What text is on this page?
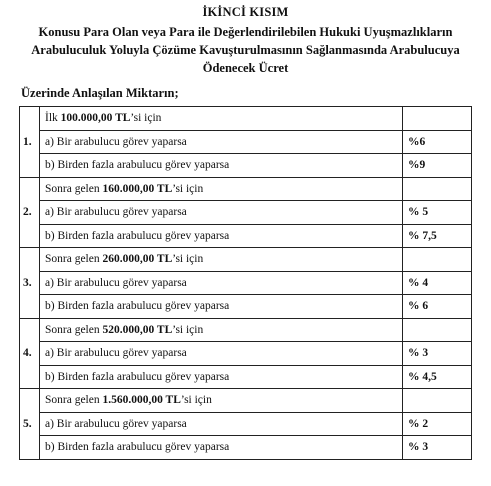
İKİNCİ KISIM
Konusu Para Olan veya Para ile Değerlendirilebilen Hukuki Uyuşmazlıkların
Arabuluculuk Yoluyla Çözüme Kavuşturulmasının Sağlanmasında Arabulucuya
Ödenecek Ücret
Üzerinde Anlaşılan Miktarın;
1.	İlk 100.000,00 TL’si için	
	a) Bir arabulucu görev yaparsa	%6
	b) Birden fazla arabulucu görev yaparsa	%9
2.	Sonra gelen 160.000,00 TL’si için	
	a) Bir arabulucu görev yaparsa	% 5
	b) Birden fazla arabulucu görev yaparsa	% 7,5
3.	Sonra gelen 260.000,00 TL’si için	
	a) Bir arabulucu görev yaparsa	% 4
	b) Birden fazla arabulucu görev yaparsa	% 6
4.	Sonra gelen 520.000,00 TL’si için	
	a) Bir arabulucu görev yaparsa	% 3
	b) Birden fazla arabulucu görev yaparsa	% 4,5
5.	Sonra gelen 1.560.000,00 TL’si için	
	a) Bir arabulucu görev yaparsa	% 2
	b) Birden fazla arabulucu görev yaparsa	% 3
